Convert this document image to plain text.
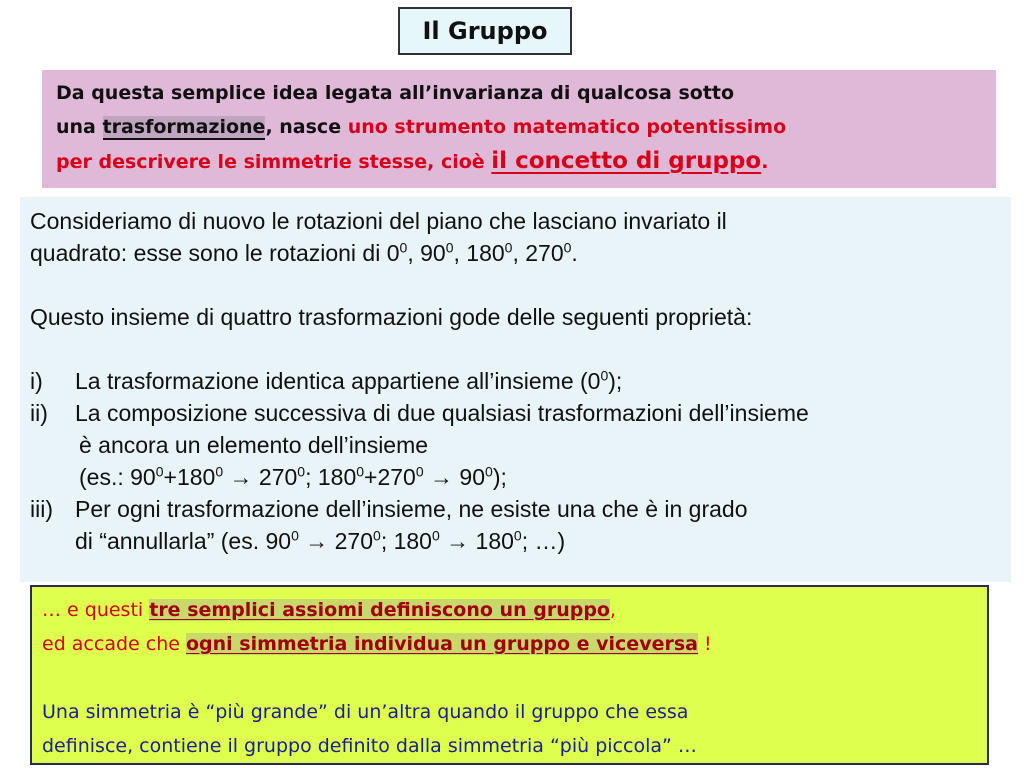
Il Gruppo
Da questa semplice idea legata all’invarianza di qualcosa sotto
una trasformazione, nasce uno strumento matematico potentissimo
per descrivere le simmetrie stesse, cioè il concetto di gruppo.

Consideriamo di nuovo le rotazioni del piano che lasciano invariato il

quadrato: esse sono le rotazioni di $0^0$, $90^0$, $180^0$, $270^0$.

Questo insieme di quattro trasformazioni gode delle seguenti proprietà:

i)	La trasformazione identica appartiene all’insieme $(0^0)$;
ii)	La composizione successiva di due qualsiasi trasformazioni dell’insieme

è ancora un elemento dell’insieme

(es.: $90^0+180^0 \to 270^0$; $180^0+270^0 \to 90^0$);

iii) Per ogni trasformazione dell’insieme, ne esiste una che è in grado

di “annullarla” (es. $90^0 \to 270^0$; $180^0 \to 180^0$; …)

… e questi tre semplici assiomi definiscono un gruppo,

ed accade che ogni simmetria individua un gruppo e viceversa !

Una simmetria è “più grande” di un’altra quando il gruppo che essa

definisce, contiene il gruppo definito dalla simmetria “più piccola” …
